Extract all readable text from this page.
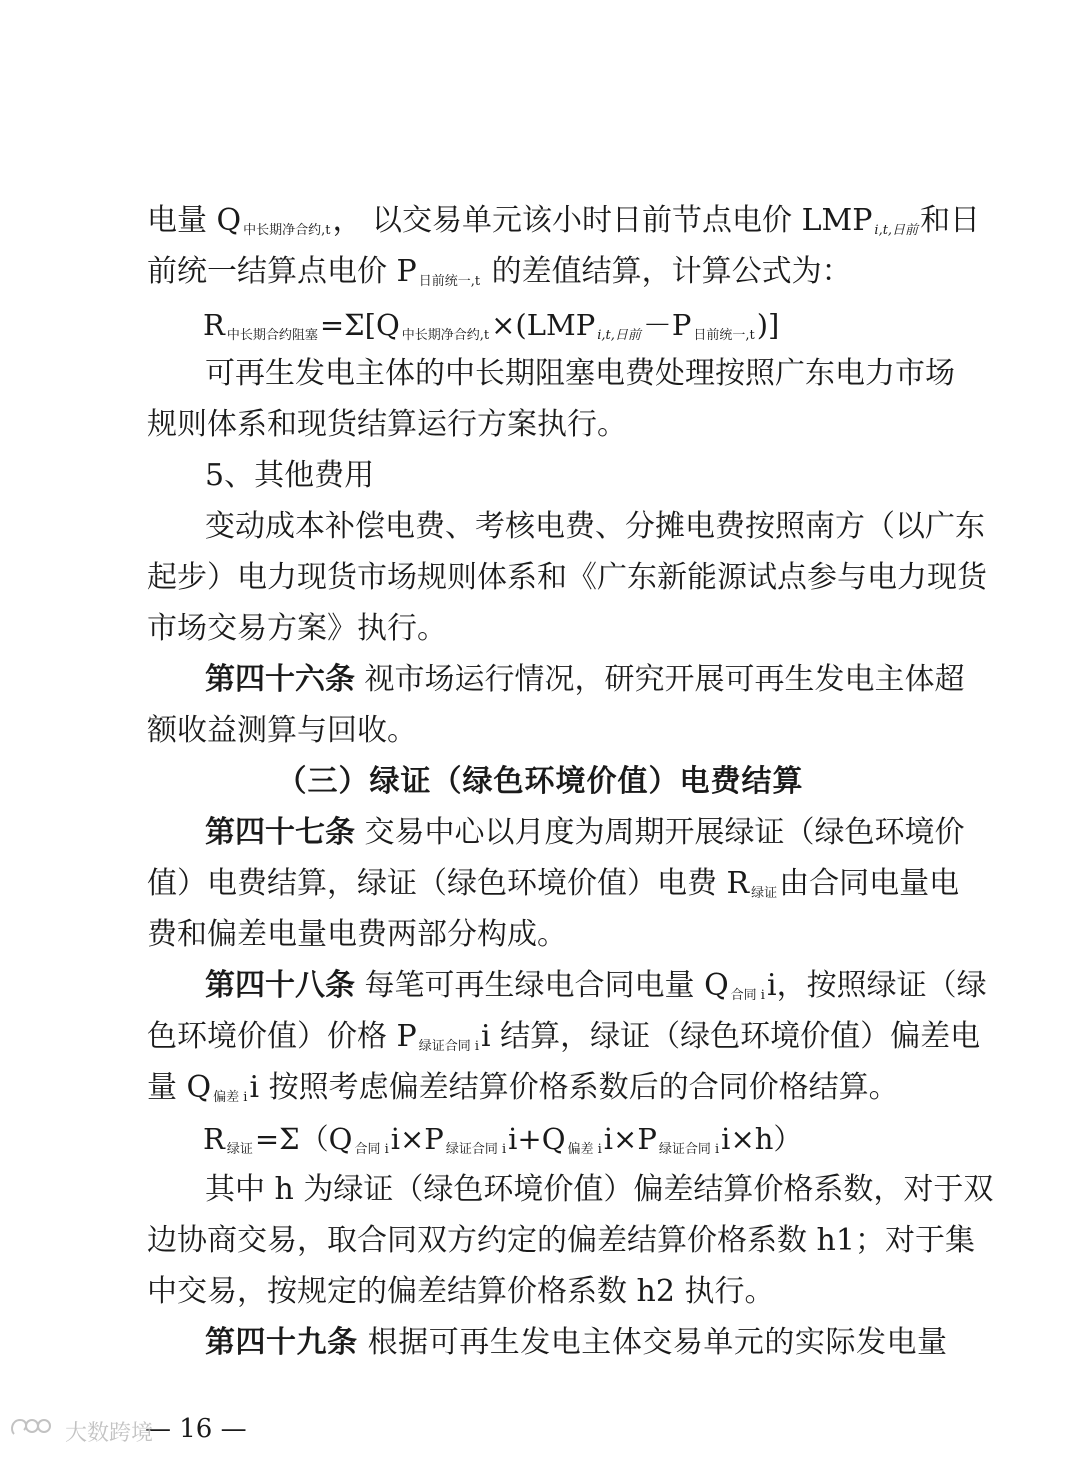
电量 Q $_{中长期净合约,t}$， 以交易单元该小时日前节点电价 LMP $_{i,t,日前}$和日
前统一结算点电价 P $_{日前统一,t}$ 的差值结算，计算公式为：
R $_{中长期合约阻塞}$=Σ[Q $_{中长期净合约,t}$×(LMP $_{i,t,日前}$－P $_{日前统一,t}$)]
可再生发电主体的中长期阻塞电费处理按照广东电力市场
规则体系和现货结算运行方案执行。
5、其他费用
变动成本补偿电费、考核电费、分摊电费按照南方（以广东
起步）电力现货市场规则体系和《广东新能源试点参与电力现货
市场交易方案》执行。
第四十六条 视市场运行情况，研究开展可再生发电主体超
额收益测算与回收。
（三）绿证（绿色环境价值）电费结算
第四十七条 交易中心以月度为周期开展绿证（绿色环境价
值）电费结算，绿证（绿色环境价值）电费 R $_{绿证}$由合同电量电
费和偏差电量电费两部分构成。
第四十八条 每笔可再生绿电合同电量 Q $_{合同 i}$i，按照绿证（绿
色环境价值）价格 P $_{绿证合同 i}$i 结算，绿证（绿色环境价值）偏差电
量 Q $_{偏差 i}$i 按照考虑偏差结算价格系数后的合同价格结算。
R $_{绿证}$=Σ（Q $_{合同 i}$i×P $_{绿证合同 i}$i+Q $_{偏差 i}$i×P $_{绿证合同 i}$i×h）
其中 h 为绿证（绿色环境价值）偏差结算价格系数，对于双
边协商交易，取合同双方约定的偏差结算价格系数 h1；对于集
中交易，按规定的偏差结算价格系数 h2 执行。
第四十九条 根据可再生发电主体交易单元的实际发电量
— 16 —
大数跨境
